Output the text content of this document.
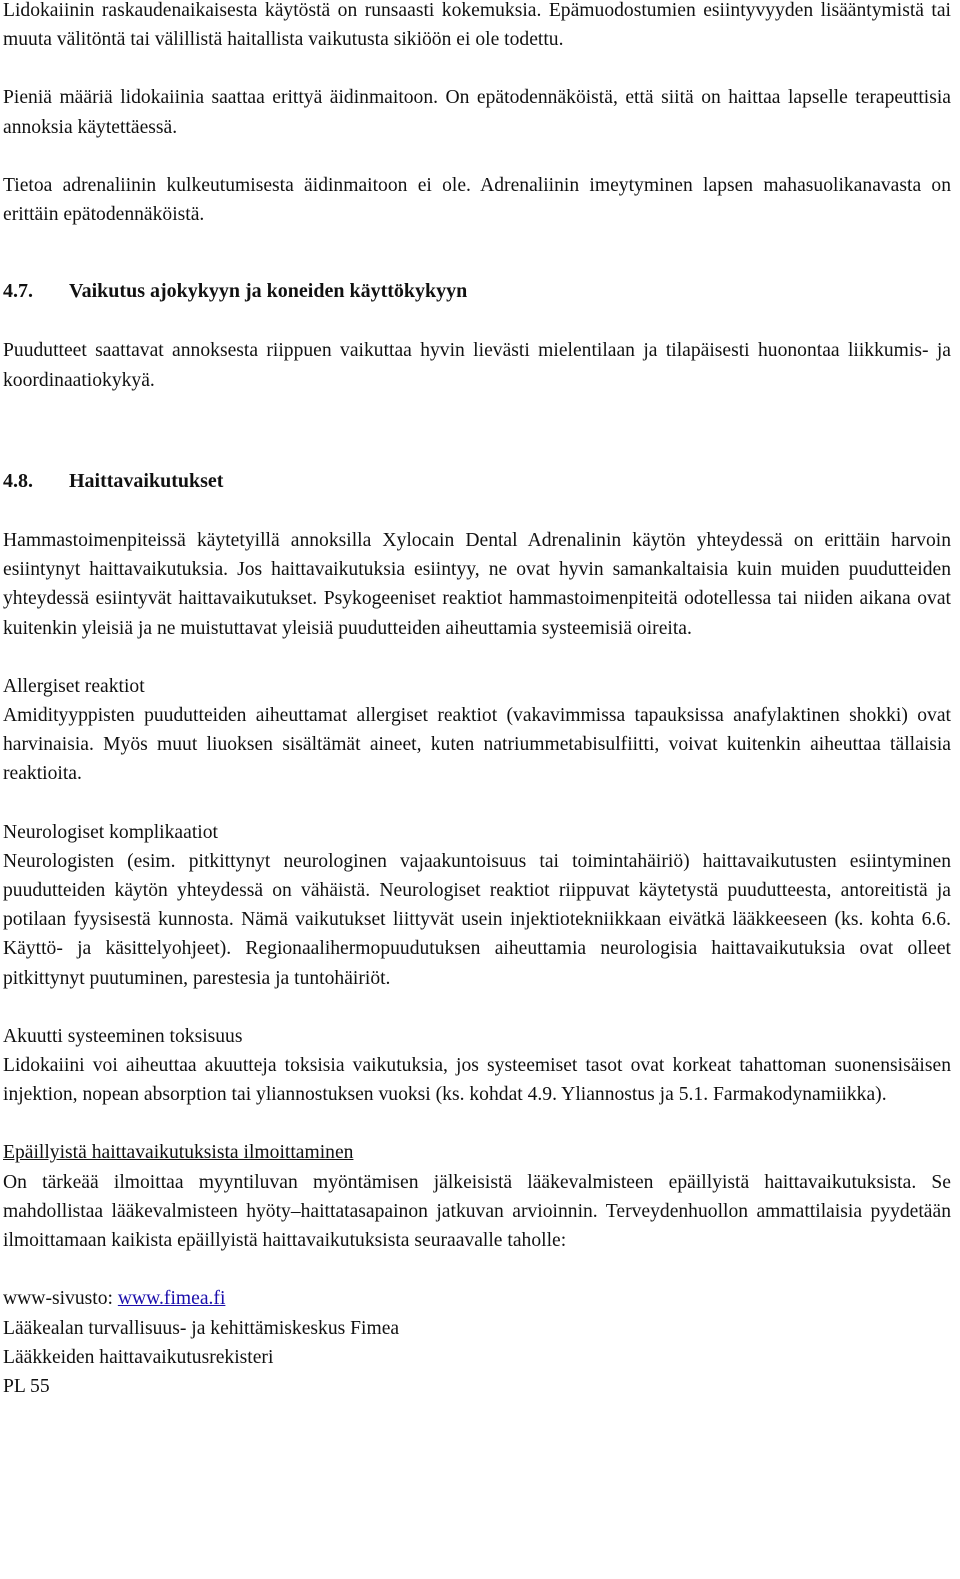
Lidokaiinin raskaudenaikaisesta käytöstä on runsaasti kokemuksia. Epämuodostumien esiintyvyyden lisääntymistä tai muuta välitöntä tai välillistä haitallista vaikutusta sikiöön ei ole todettu.

Pieniä määriä lidokaiinia saattaa erittyä äidinmaitoon. On epätodennäköistä, että siitä on haittaa lapselle terapeuttisia annoksia käytettäessä.

Tietoa adrenaliinin kulkeutumisesta äidinmaitoon ei ole. Adrenaliinin imeytyminen lapsen mahasuolikanavasta on erittäin epätodennäköistä.

4.7. Vaikutus ajokykyyn ja koneiden käyttökykyyn

Puudutteet saattavat annoksesta riippuen vaikuttaa hyvin lievästi mielentilaan ja tilapäisesti huonontaa liikkumis- ja koordinaatiokykyä.

4.8. Haittavaikutukset

Hammastoimenpiteissä käytetyillä annoksilla Xylocain Dental Adrenalinin käytön yhteydessä on erittäin harvoin esiintynyt haittavaikutuksia. Jos haittavaikutuksia esiintyy, ne ovat hyvin samankaltaisia kuin muiden puudutteiden yhteydessä esiintyvät haittavaikutukset. Psykogeeniset reaktiot hammastoimenpiteitä odotellessa tai niiden aikana ovat kuitenkin yleisiä ja ne muistuttavat yleisiä puudutteiden aiheuttamia systeemisiä oireita.

Allergiset reaktiot

Amidityyppisten puudutteiden aiheuttamat allergiset reaktiot (vakavimmissa tapauksissa anafylaktinen shokki) ovat harvinaisia. Myös muut liuoksen sisältämät aineet, kuten natriummetabisulfiitti, voivat kuitenkin aiheuttaa tällaisia reaktioita.

Neurologiset komplikaatiot

Neurologisten (esim. pitkittynyt neurologinen vajaakuntoisuus tai toimintahäiriö) haittavaikutusten esiintyminen puudutteiden käytön yhteydessä on vähäistä. Neurologiset reaktiot riippuvat käytetystä puudutteesta, antoreitistä ja potilaan fyysisestä kunnosta. Nämä vaikutukset liittyvät usein injektiotekniikkaan eivätkä lääkkeeseen (ks. kohta 6.6. Käyttö- ja käsittelyohjeet). Regionaalihermopuudutuksen aiheuttamia neurologisia haittavaikutuksia ovat olleet pitkittynyt puutuminen, parestesia ja tuntohäiriöt.

Akuutti systeeminen toksisuus

Lidokaiini voi aiheuttaa akuutteja toksisia vaikutuksia, jos systeemiset tasot ovat korkeat tahattoman suonensisäisen injektion, nopean absorption tai yliannostuksen vuoksi (ks. kohdat 4.9. Yliannostus ja 5.1. Farmakodynamiikka).

Epäillyistä haittavaikutuksista ilmoittaminen

On tärkeää ilmoittaa myyntiluvan myöntämisen jälkeisistä lääkevalmisteen epäillyistä haittavaikutuksista. Se mahdollistaa lääkevalmisteen hyöty–haittatasapainon jatkuvan arvioinnin. Terveydenhuollon ammattilaisia pyydetään ilmoittamaan kaikista epäillyistä haittavaikutuksista seuraavalle taholle:

www-sivusto: www.fimea.fi
Lääkealan turvallisuus- ja kehittämiskeskus Fimea
Lääkkeiden haittavaikutusrekisteri
PL 55
